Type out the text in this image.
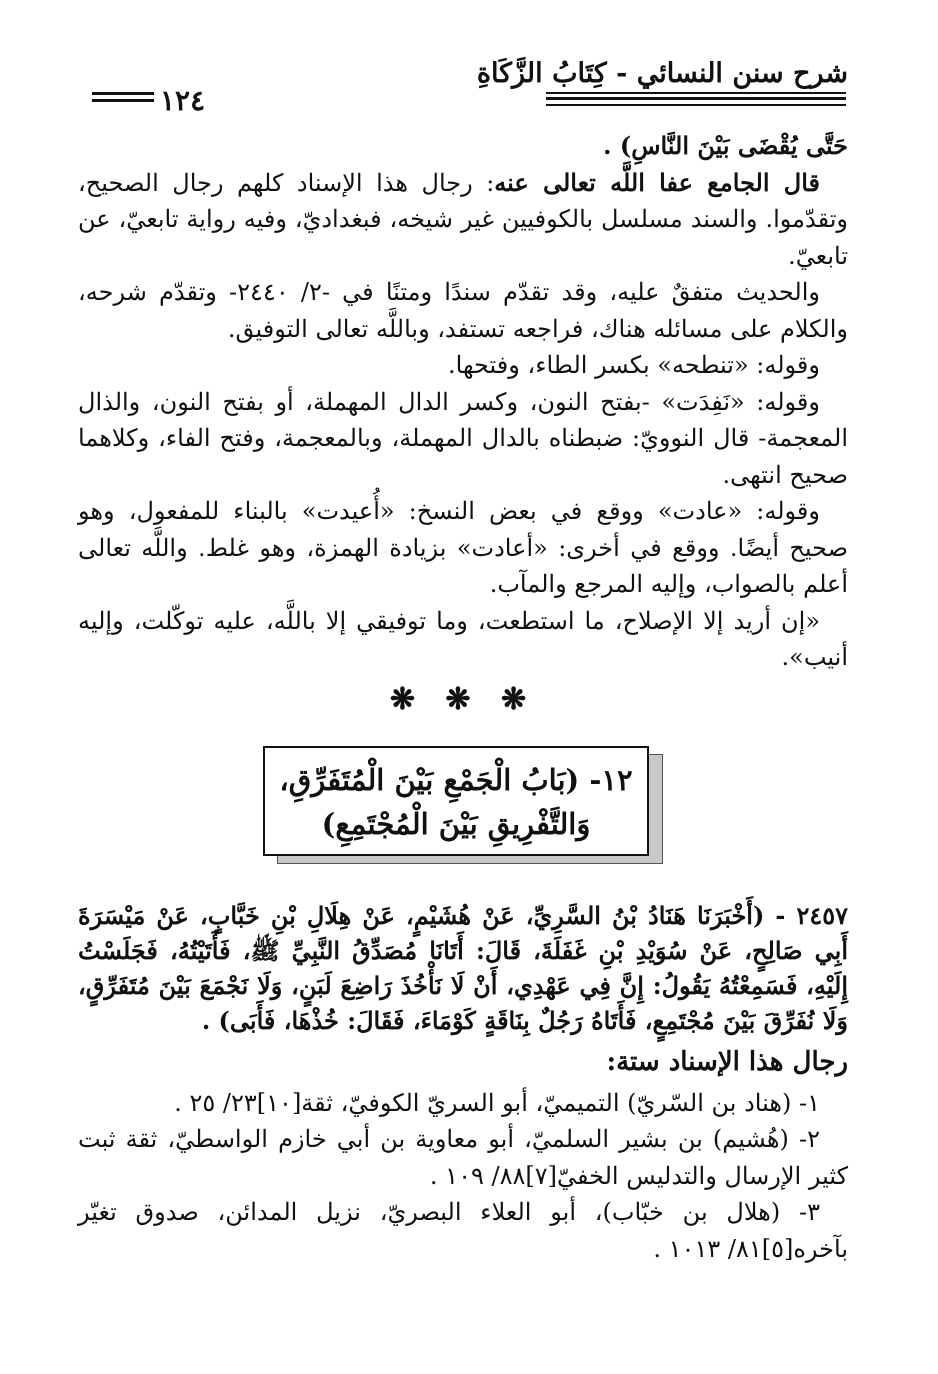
شرح سنن النسائي - كِتَابُ الزَّكَاةِ
١٢٤

حَتَّى يُقْضَى بَيْنَ النَّاسِ) .

قال الجامع عفا اللَّه تعالى عنه: رجال هذا الإسناد كلهم رجال الصحيح، وتقدّموا. والسند مسلسل بالكوفيين غير شيخه، فبغداديّ، وفيه رواية تابعيّ، عن تابعيّ.

والحديث متفقٌ عليه، وقد تقدّم سندًا ومتنًا في -٢/ ٢٤٤٠- وتقدّم شرحه، والكلام على مسائله هناك، فراجعه تستفد، وباللَّه تعالى التوفيق.

وقوله: «تنطحه» بكسر الطاء، وفتحها.

وقوله: «نَفِدَت» -بفتح النون، وكسر الدال المهملة، أو بفتح النون، والذال المعجمة- قال النوويّ: ضبطناه بالدال المهملة، وبالمعجمة، وفتح الفاء، وكلاهما صحيح انتهى.

وقوله: «عادت» ووقع في بعض النسخ: «أُعيدت» بالبناء للمفعول، وهو صحيح أيضًا. ووقع في أخرى: «أعادت» بزيادة الهمزة، وهو غلط. واللَّه تعالى أعلم بالصواب، وإليه المرجع والمآب.

«إن أريد إلا الإصلاح، ما استطعت، وما توفيقي إلا باللَّه، عليه توكّلت، وإليه أنيب».

❋ ❋ ❋
١٢- (بَابُ الْجَمْعِ بَيْنَ الْمُتَفَرِّقِ،
وَالتَّفْرِيقِ بَيْنَ الْمُجْتَمِعِ)

٢٤٥٧ - (أَخْبَرَنَا هَنَادُ بْنُ السَّرِيِّ، عَنْ هُشَيْمٍ، عَنْ هِلَالِ بْنِ خَبَّابٍ، عَنْ مَيْسَرَةَ أَبِي صَالِحٍ، عَنْ سُوَيْدِ بْنِ غَفَلَةَ، قَالَ: أَتَانَا مُصَدِّقُ النَّبِيِّ ﷺ، فَأَتَيْتُهُ، فَجَلَسْتُ إِلَيْهِ، فَسَمِعْتُهُ يَقُولُ: إِنَّ فِي عَهْدِي، أَنْ لَا نَأْخُذَ رَاضِعَ لَبَنٍ، وَلَا نَجْمَعَ بَيْنَ مُتَفَرِّقٍ، وَلَا نُفَرِّقَ بَيْنَ مُجْتَمِعٍ، فَأَتَاهُ رَجُلٌ بِنَاقَةٍ كَوْمَاءَ، فَقَالَ: خُذْهَا، فَأَبَى) .

رجال هذا الإسناد ستة:

١- (هناد بن السّريّ) التميميّ، أبو السريّ الكوفيّ، ثقة[١٠]٢٣/ ٢٥ .

٢- (هُشيم) بن بشير السلميّ، أبو معاوية بن أبي خازم الواسطيّ، ثقة ثبت كثير الإرسال والتدليس الخفيّ[٧]٨٨/ ١٠٩ .

٣- (هلال بن خبّاب)، أبو العلاء البصريّ، نزيل المدائن، صدوق تغيّر بآخره[٥]٨١/ ١٠١٣ .
